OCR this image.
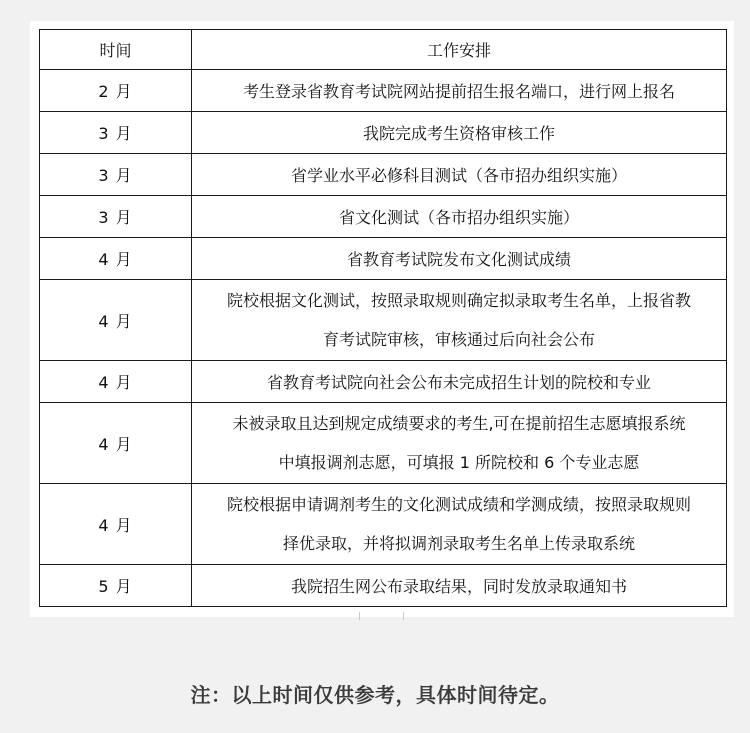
时间	工作安排
2 月	考生登录省教育考试院网站提前招生报名端口，进行网上报名
3 月	我院完成考生资格审核工作
3 月	省学业水平必修科目测试（各市招办组织实施）
3 月	省文化测试（各市招办组织实施）
4 月	省教育考试院发布文化测试成绩
4 月	院校根据文化测试，按照录取规则确定拟录取考生名单，上报省教
育考试院审核，审核通过后向社会公布

4 月	省教育考试院向社会公布未完成招生计划的院校和专业
4 月	未被录取且达到规定成绩要求的考生,可在提前招生志愿填报系统
中填报调剂志愿，可填报 1 所院校和 6 个专业志愿

4 月	院校根据申请调剂考生的文化测试成绩和学测成绩，按照录取规则
择优录取，并将拟调剂录取考生名单上传录取系统

5 月	我院招生网公布录取结果，同时发放录取通知书
注：以上时间仅供参考，具体时间待定。
